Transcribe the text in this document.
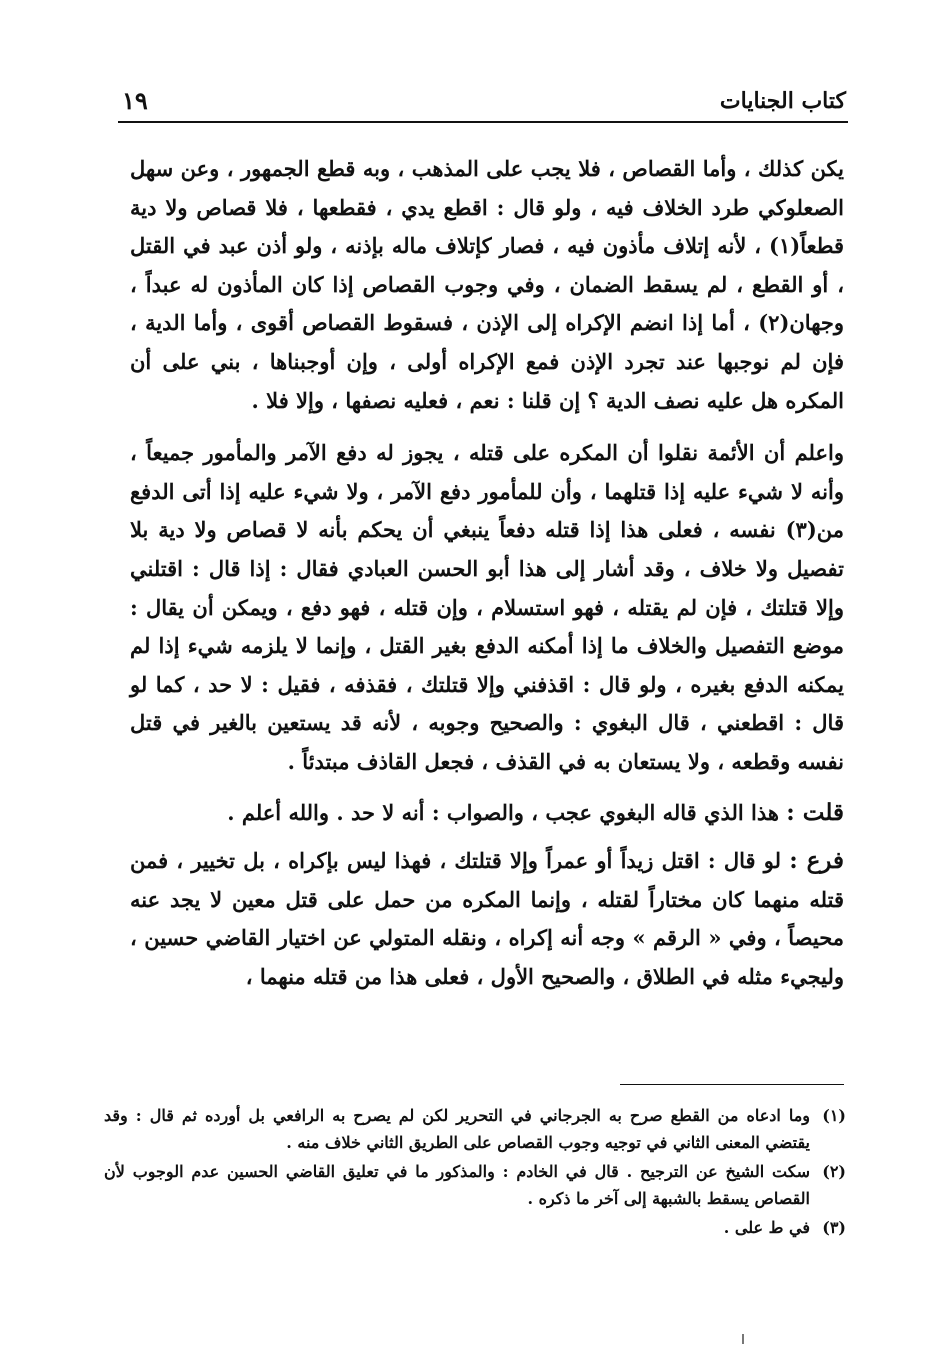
كتاب الجنايات
١٩

يكن كذلك ، وأما القصاص ، فلا يجب على المذهب ، وبه قطع الجمهور ، وعن سهل الصعلوكي طرد الخلاف فيه ، ولو قال : اقطع يدي ، فقطعها ، فلا قصاص ولا دية قطعاً(١) ، لأنه إتلاف مأذون فيه ، فصار كإتلاف ماله بإذنه ، ولو أذن عبد في القتل ، أو القطع ، لم يسقط الضمان ، وفي وجوب القصاص إذا كان المأذون له عبداً ، وجهان(٢) ، أما إذا انضم الإكراه إلى الإذن ، فسقوط القصاص أقوى ، وأما الدية ، فإن لم نوجبها عند تجرد الإذن فمع الإكراه أولى ، وإن أوجبناها ، بني على أن المكره هل عليه نصف الدية ؟ إن قلنا : نعم ، فعليه نصفها ، وإلا فلا .

واعلم أن الأئمة نقلوا أن المكره على قتله ، يجوز له دفع الآمر والمأمور جميعاً ، وأنه لا شيء عليه إذا قتلهما ، وأن للمأمور دفع الآمر ، ولا شيء عليه إذا أتى الدفع من(٣) نفسه ، فعلى هذا إذا قتله دفعاً ينبغي أن يحكم بأنه لا قصاص ولا دية بلا تفصيل ولا خلاف ، وقد أشار إلى هذا أبو الحسن العبادي فقال : إذا قال : اقتلني وإلا قتلتك ، فإن لم يقتله ، فهو استسلام ، وإن قتله ، فهو دفع ، ويمكن أن يقال : موضع التفصيل والخلاف ما إذا أمكنه الدفع بغير القتل ، وإنما لا يلزمه شيء إذا لم يمكنه الدفع بغيره ، ولو قال : اقذفني وإلا قتلتك ، فقذفه ، فقيل : لا حد ، كما لو قال : اقطعني ، قال البغوي : والصحيح وجوبه ، لأنه قد يستعين بالغير في قتل نفسه وقطعه ، ولا يستعان به في القذف ، فجعل القاذف مبتدئاً .

قلت : هذا الذي قاله البغوي عجب ، والصواب : أنه لا حد . والله أعلم .

فرع : لو قال : اقتل زيداً أو عمراً وإلا قتلتك ، فهذا ليس بإكراه ، بل تخيير ، فمن قتله منهما كان مختاراً لقتله ، وإنما المكره من حمل على قتل معين لا يجد عنه محيصاً ، وفي « الرقم » وجه أنه إكراه ، ونقله المتولي عن اختيار القاضي حسين ، وليجيء مثله في الطلاق ، والصحيح الأول ، فعلى هذا من قتله منهما ،

(١)
وما ادعاه من القطع صرح به الجرجاني في التحرير لكن لم يصرح به الرافعي بل أورده ثم قال : وقد يقتضي المعنى الثاني في توجيه وجوب القصاص على الطريق الثاني خلاف منه .
(٢)
سكت الشيخ عن الترجيح . قال في الخادم : والمذكور ما في تعليق القاضي الحسين عدم الوجوب لأن القصاص يسقط بالشبهة إلى آخر ما ذكره .
(٣)
في ط على .
